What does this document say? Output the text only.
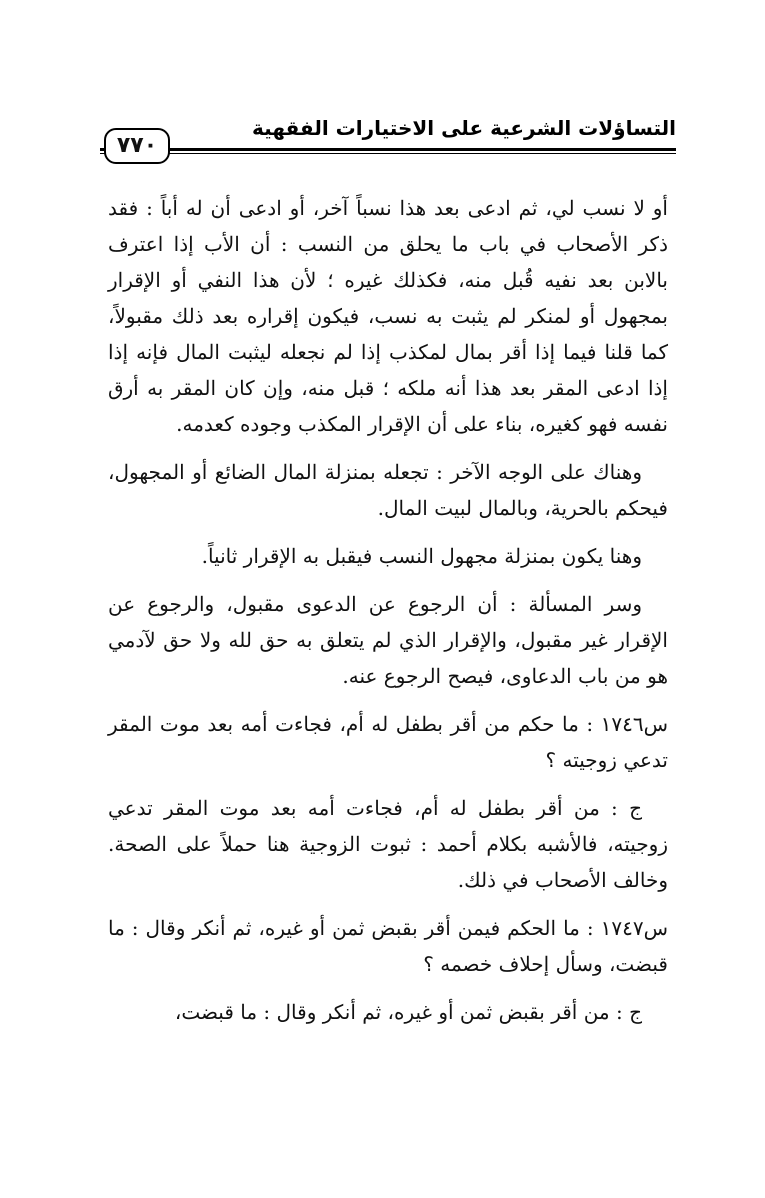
التساؤلات الشرعية على الاختيارات الفقهية
٧٧٠

أو لا نسب لي، ثم ادعى بعد هذا نسباً آخر، أو ادعى أن له أباً : فقد ذكر الأصحاب في باب ما يحلق من النسب : أن الأب إذا اعترف بالابن بعد نفيه قُبل منه، فكذلك غيره ؛ لأن هذا النفي أو الإقرار بمجهول أو لمنكر لم يثبت به نسب، فيكون إقراره بعد ذلك مقبولاً، كما قلنا فيما إذا أقر بمال لمكذب إذا لم نجعله ليثبت المال فإنه إذا إذا ادعى المقر بعد هذا أنه ملكه ؛ قبل منه، وإن كان المقر به أرق نفسه فهو كغيره، بناء على أن الإقرار المكذب وجوده كعدمه.

وهناك على الوجه الآخر : تجعله بمنزلة المال الضائع أو المجهول، فيحكم بالحرية، وبالمال لبيت المال.

وهنا يكون بمنزلة مجهول النسب فيقبل به الإقرار ثانياً.

وسر المسألة : أن الرجوع عن الدعوى مقبول، والرجوع عن الإقرار غير مقبول، والإقرار الذي لم يتعلق به حق لله ولا حق لآدمي هو من باب الدعاوى، فيصح الرجوع عنه.

س١٧٤٦ : ما حكم من أقر بطفل له أم، فجاءت أمه بعد موت المقر تدعي زوجيته ؟

ج : من أقر بطفل له أم، فجاءت أمه بعد موت المقر تدعي زوجيته، فالأشبه بكلام أحمد : ثبوت الزوجية هنا حملاً على الصحة. وخالف الأصحاب في ذلك.

س١٧٤٧ : ما الحكم فيمن أقر بقبض ثمن أو غيره، ثم أنكر وقال : ما قبضت، وسأل إحلاف خصمه ؟

ج : من أقر بقبض ثمن أو غيره، ثم أنكر وقال : ما قبضت،
